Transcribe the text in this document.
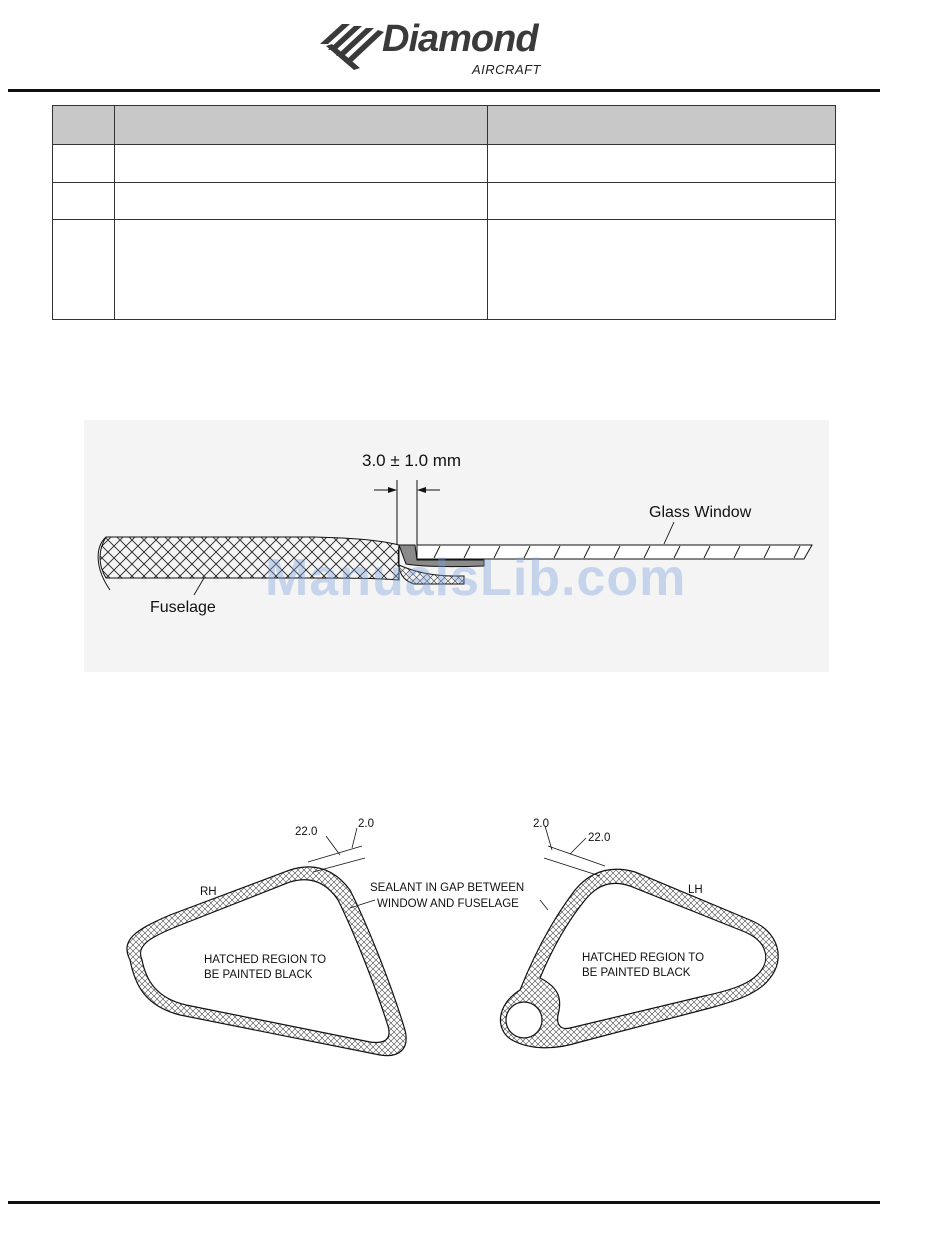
Diamond
AIRCRAFT

3.0 ± 1.0 mm
Glass Window
Fuselage
ManualsLib.com
RH	LH
22.0
2.0	2.0
22.0
SEALANT IN GAP BETWEEN
WINDOW AND FUSELAGE
HATCHED REGION TO
BE PAINTED BLACK
HATCHED REGION TO
BE PAINTED BLACK
